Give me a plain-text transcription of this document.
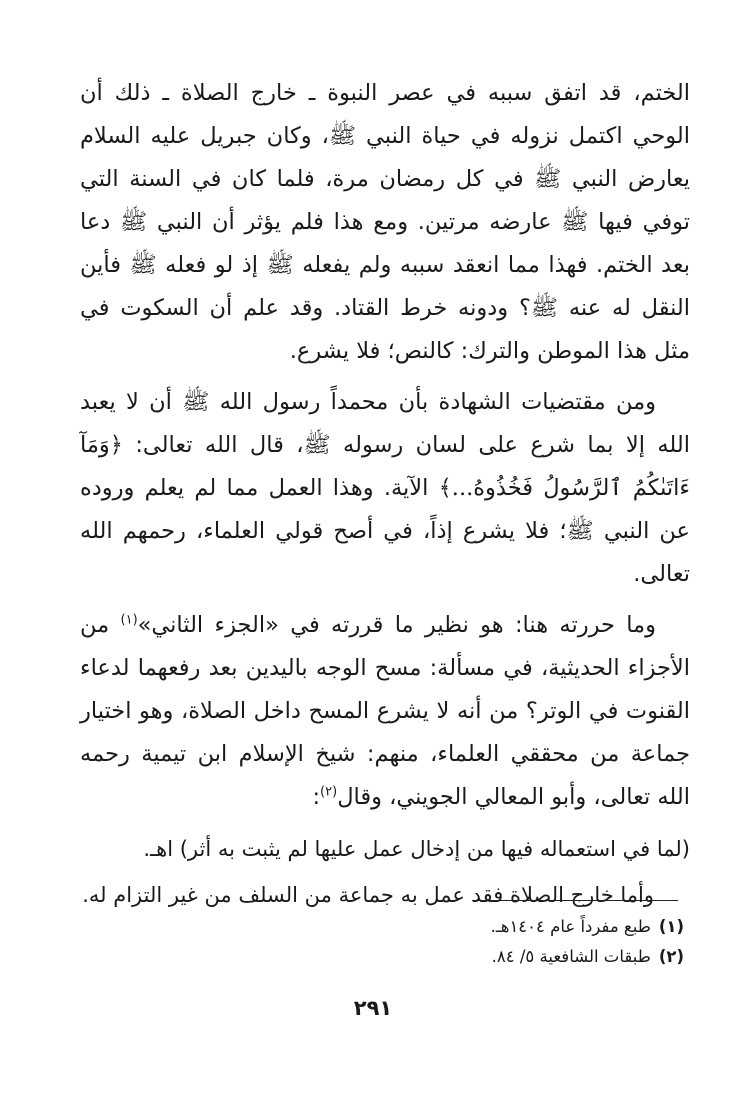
الختم، قد اتفق سببه في عصر النبوة ـ خارج الصلاة ـ ذلك أن الوحي اكتمل نزوله في حياة النبي ﷺ، وكان جبريل عليه السلام يعارض النبي ﷺ في كل رمضان مرة، فلما كان في السنة التي توفي فيها ﷺ عارضه مرتين. ومع هذا فلم يؤثر أن النبي ﷺ دعا بعد الختم. فهذا مما انعقد سببه ولم يفعله ﷺ إذ لو فعله ﷺ فأين النقل له عنه ﷺ؟ ودونه خرط القتاد. وقد علم أن السكوت في مثل هذا الموطن والترك: كالنص؛ فلا يشرع.

ومن مقتضيات الشهادة بأن محمداً رسول الله ﷺ أن لا يعبد الله إلا بما شرع على لسان رسوله ﷺ، قال الله تعالى: ﴿وَمَآ ءَاتَىٰكُمُ ٱلرَّسُولُ فَخُذُوهُ...﴾ الآية. وهذا العمل مما لم يعلم وروده عن النبي ﷺ؛ فلا يشرع إذاً، في أصح قولي العلماء، رحمهم الله تعالى.

وما حررته هنا: هو نظير ما قررته في «الجزء الثاني»$^{(١)}$ من الأجزاء الحديثية، في مسألة: مسح الوجه باليدين بعد رفعهما لدعاء القنوت في الوتر؟ من أنه لا يشرع المسح داخل الصلاة، وهو اختيار جماعة من محققي العلماء، منهم: شيخ الإسلام ابن تيمية رحمه الله تعالى، وأبو المعالي الجويني، وقال$^{(٢)}$:

(لما في استعماله فيها من إدخال عمل عليها لم يثبت به أثر) اهـ.

وأما خارج الصلاة فقد عمل به جماعة من السلف من غير التزام له.

(١)طبع مفرداً عام ١٤٠٤هـ.

(٢)طبقات الشافعية ٥/ ٨٤.

٢٩١
